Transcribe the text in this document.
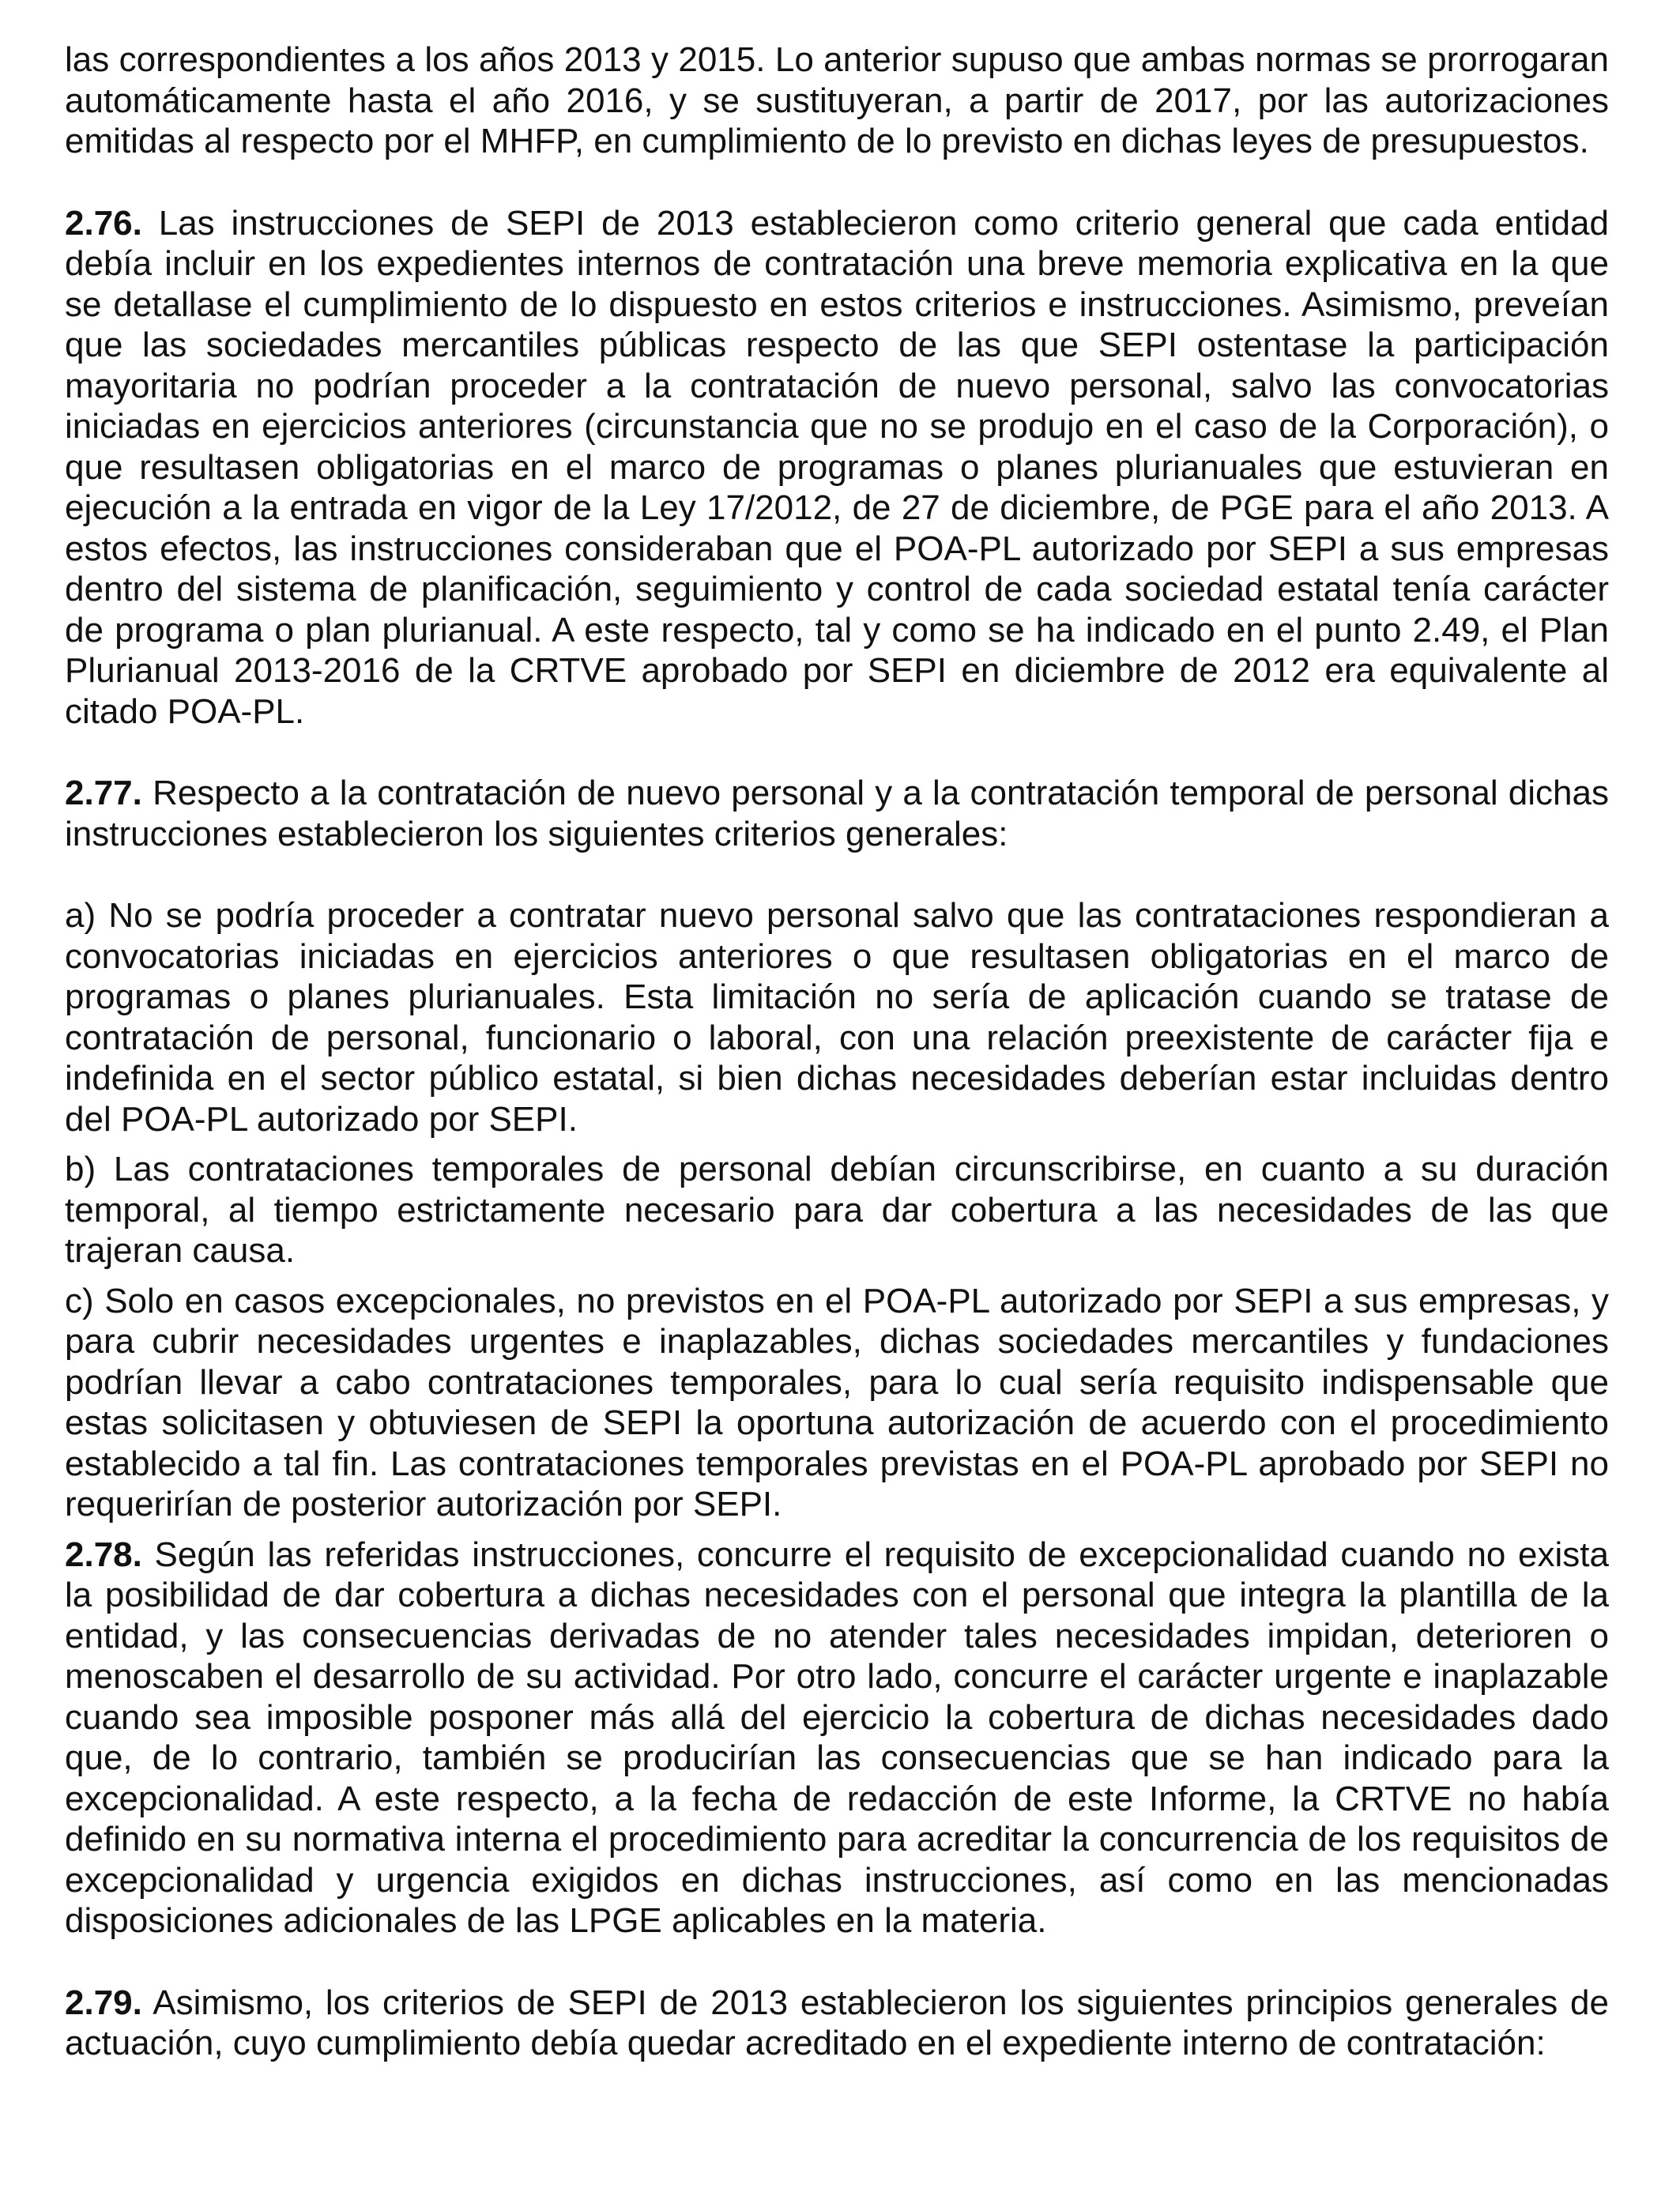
las correspondientes a los años 2013 y 2015. Lo anterior supuso que ambas normas se prorrogaran automáticamente hasta el año 2016, y se sustituyeran, a partir de 2017, por las autorizaciones emitidas al respecto por el MHFP, en cumplimiento de lo previsto en dichas leyes de presupuestos.

2.76. Las instrucciones de SEPI de 2013 establecieron como criterio general que cada entidad debía incluir en los expedientes internos de contratación una breve memoria explicativa en la que se detallase el cumplimiento de lo dispuesto en estos criterios e instrucciones. Asimismo, preveían que las sociedades mercantiles públicas respecto de las que SEPI ostentase la participación mayoritaria no podrían proceder a la contratación de nuevo personal, salvo las convocatorias iniciadas en ejercicios anteriores (circunstancia que no se produjo en el caso de la Corporación), o que resultasen obligatorias en el marco de programas o planes plurianuales que estuvieran en ejecución a la entrada en vigor de la Ley 17/2012, de 27 de diciembre, de PGE para el año 2013. A estos efectos, las instrucciones consideraban que el POA-PL autorizado por SEPI a sus empresas dentro del sistema de planificación, seguimiento y control de cada sociedad estatal tenía carácter de programa o plan plurianual. A este respecto, tal y como se ha indicado en el punto 2.49, el Plan Plurianual 2013-2016 de la CRTVE aprobado por SEPI en diciembre de 2012 era equivalente al citado POA-PL.

2.77. Respecto a la contratación de nuevo personal y a la contratación temporal de personal dichas instrucciones establecieron los siguientes criterios generales:

a) No se podría proceder a contratar nuevo personal salvo que las contrataciones respondieran a convocatorias iniciadas en ejercicios anteriores o que resultasen obligatorias en el marco de programas o planes plurianuales. Esta limitación no sería de aplicación cuando se tratase de contratación de personal, funcionario o laboral, con una relación preexistente de carácter fija e indefinida en el sector público estatal, si bien dichas necesidades deberían estar incluidas dentro del POA-PL autorizado por SEPI.

b) Las contrataciones temporales de personal debían circunscribirse, en cuanto a su duración temporal, al tiempo estrictamente necesario para dar cobertura a las necesidades de las que trajeran causa.

c) Solo en casos excepcionales, no previstos en el POA-PL autorizado por SEPI a sus empresas, y para cubrir necesidades urgentes e inaplazables, dichas sociedades mercantiles y fundaciones podrían llevar a cabo contrataciones temporales, para lo cual sería requisito indispensable que estas solicitasen y obtuviesen de SEPI la oportuna autorización de acuerdo con el procedimiento establecido a tal fin. Las contrataciones temporales previstas en el POA-PL aprobado por SEPI no requerirían de posterior autorización por SEPI.

2.78. Según las referidas instrucciones, concurre el requisito de excepcionalidad cuando no exista la posibilidad de dar cobertura a dichas necesidades con el personal que integra la plantilla de la entidad, y las consecuencias derivadas de no atender tales necesidades impidan, deterioren o menoscaben el desarrollo de su actividad. Por otro lado, concurre el carácter urgente e inaplazable cuando sea imposible posponer más allá del ejercicio la cobertura de dichas necesidades dado que, de lo contrario, también se producirían las consecuencias que se han indicado para la excepcionalidad. A este respecto, a la fecha de redacción de este Informe, la CRTVE no había definido en su normativa interna el procedimiento para acreditar la concurrencia de los requisitos de excepcionalidad y urgencia exigidos en dichas instrucciones, así como en las mencionadas disposiciones adicionales de las LPGE aplicables en la materia.

2.79. Asimismo, los criterios de SEPI de 2013 establecieron los siguientes principios generales de actuación, cuyo cumplimiento debía quedar acreditado en el expediente interno de contratación:
